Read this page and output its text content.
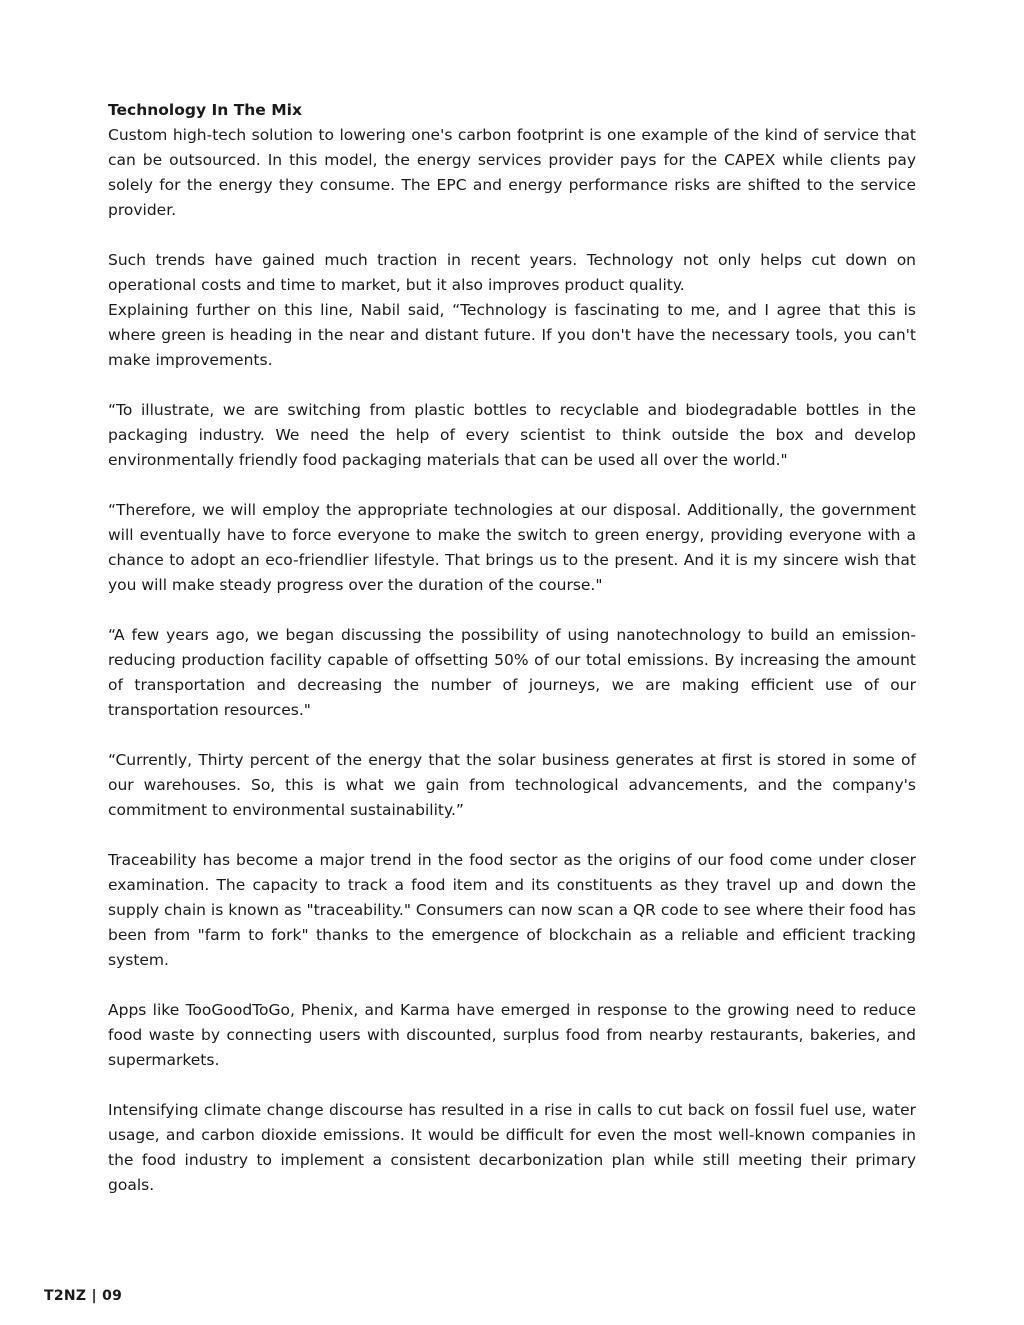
Technology In The Mix

Custom high-tech solution to lowering one's carbon footprint is one example of the kind of service that can be outsourced. In this model, the energy services provider pays for the CAPEX while clients pay solely for the energy they consume. The EPC and energy performance risks are shifted to the service provider.

Such trends have gained much traction in recent years. Technology not only helps cut down on operational costs and time to market, but it also improves product quality.

Explaining further on this line, Nabil said, “Technology is fascinating to me, and I agree that this is where green is heading in the near and distant future. If you don't have the necessary tools, you can't make improvements.

“To illustrate, we are switching from plastic bottles to recyclable and biodegradable bottles in the packaging industry. We need the help of every scientist to think outside the box and develop environmentally friendly food packaging materials that can be used all over the world."

“Therefore, we will employ the appropriate technologies at our disposal. Additionally, the government will eventually have to force everyone to make the switch to green energy, providing everyone with a chance to adopt an eco-friendlier lifestyle. That brings us to the present. And it is my sincere wish that you will make steady progress over the duration of the course."

“A few years ago, we began discussing the possibility of using nanotechnology to build an emission-reducing production facility capable of offsetting 50% of our total emissions. By increasing the amount of transportation and decreasing the number of journeys, we are making efficient use of our transportation resources."

“Currently, Thirty percent of the energy that the solar business generates at first is stored in some of our warehouses. So, this is what we gain from technological advancements, and the company's commitment to environmental sustainability.”

Traceability has become a major trend in the food sector as the origins of our food come under closer examination. The capacity to track a food item and its constituents as they travel up and down the supply chain is known as "traceability." Consumers can now scan a QR code to see where their food has been from "farm to fork" thanks to the emergence of blockchain as a reliable and efficient tracking system.

Apps like TooGoodToGo, Phenix, and Karma have emerged in response to the growing need to reduce food waste by connecting users with discounted, surplus food from nearby restaurants, bakeries, and supermarkets.

Intensifying climate change discourse has resulted in a rise in calls to cut back on fossil fuel use, water usage, and carbon dioxide emissions. It would be difficult for even the most well-known companies in the food industry to implement a consistent decarbonization plan while still meeting their primary goals.

T2NZ | 09
